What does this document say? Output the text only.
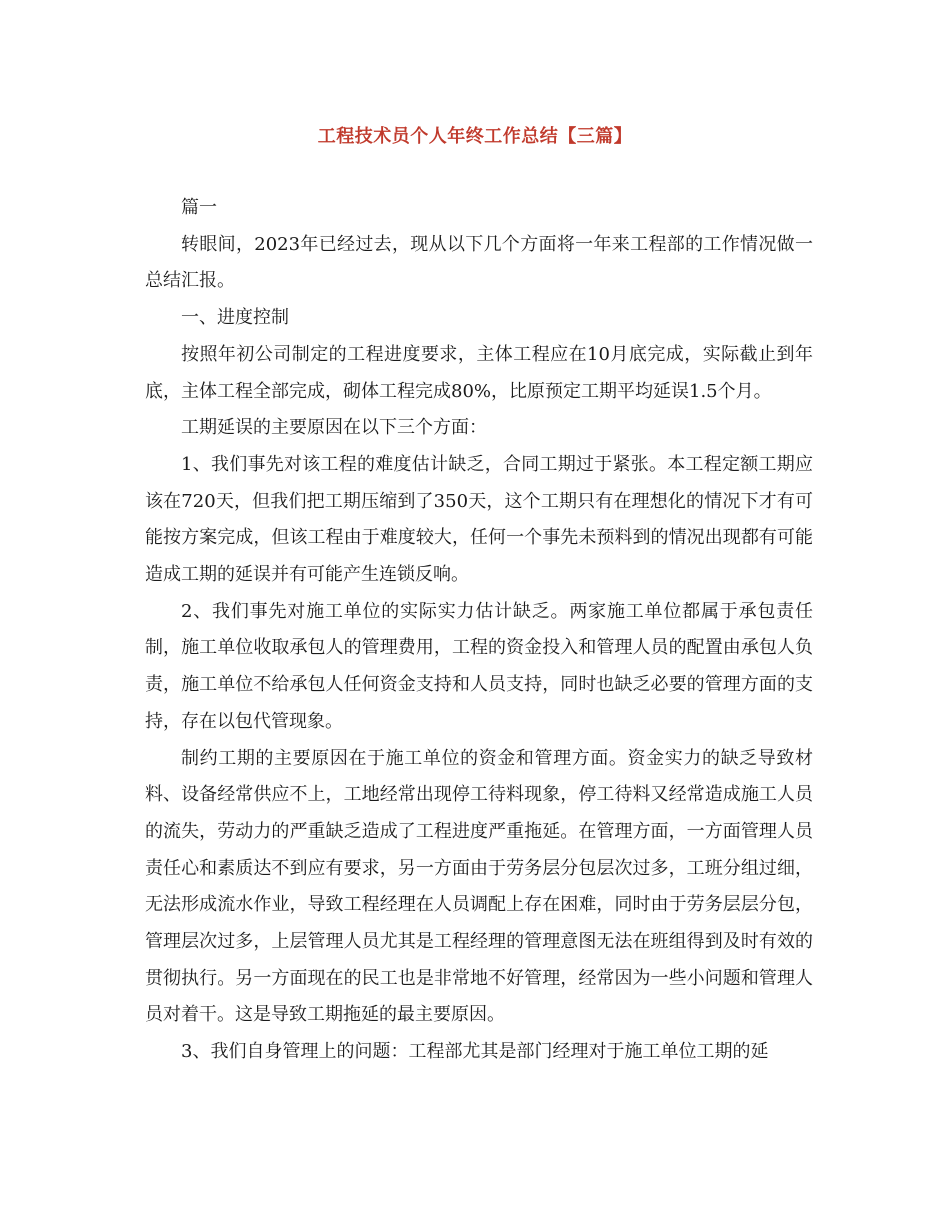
工程技术员个人年终工作总结【三篇】

篇一

转眼间，2023年已经过去，现从以下几个方面将一年来工程部的工作情况做一总结汇报。

一、进度控制

按照年初公司制定的工程进度要求，主体工程应在10月底完成，实际截止到年底，主体工程全部完成，砌体工程完成80%，比原预定工期平均延误1.5个月。

工期延误的主要原因在以下三个方面：

1、我们事先对该工程的难度估计缺乏，合同工期过于紧张。本工程定额工期应该在720天，但我们把工期压缩到了350天，这个工期只有在理想化的情况下才有可能按方案完成，但该工程由于难度较大，任何一个事先未预料到的情况出现都有可能造成工期的延误并有可能产生连锁反响。

2、我们事先对施工单位的实际实力估计缺乏。两家施工单位都属于承包责任制，施工单位收取承包人的管理费用，工程的资金投入和管理人员的配置由承包人负责，施工单位不给承包人任何资金支持和人员支持，同时也缺乏必要的管理方面的支持，存在以包代管现象。

制约工期的主要原因在于施工单位的资金和管理方面。资金实力的缺乏导致材料、设备经常供应不上，工地经常出现停工待料现象，停工待料又经常造成施工人员的流失，劳动力的严重缺乏造成了工程进度严重拖延。在管理方面，一方面管理人员责任心和素质达不到应有要求，另一方面由于劳务层分包层次过多，工班分组过细，无法形成流水作业，导致工程经理在人员调配上存在困难，同时由于劳务层层分包，管理层次过多，上层管理人员尤其是工程经理的管理意图无法在班组得到及时有效的贯彻执行。另一方面现在的民工也是非常地不好管理，经常因为一些小问题和管理人员对着干。这是导致工期拖延的最主要原因。

3、我们自身管理上的问题：工程部尤其是部门经理对于施工单位工期的延
